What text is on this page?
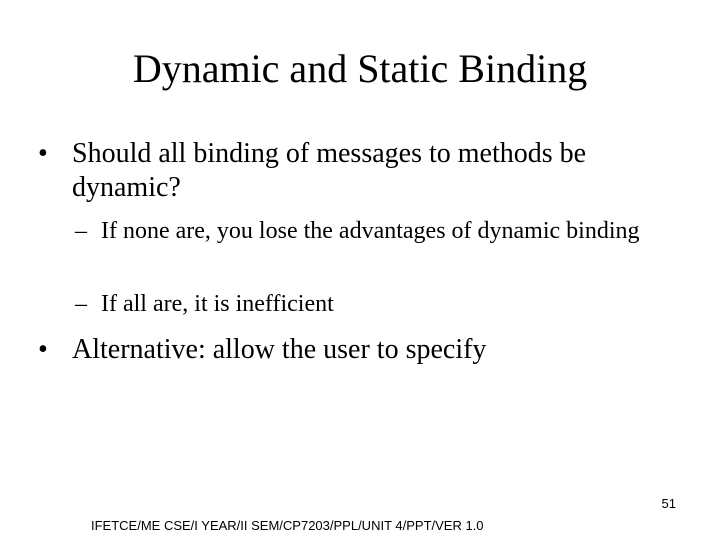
Dynamic and Static Binding
• Should all binding of messages to methods be dynamic?
– If none are, you lose the advantages of dynamic binding
– If all are, it is inefficient
• Alternative: allow the user to specify
51
IFETCE/ME CSE/I YEAR/II SEM/CP7203/PPL/UNIT 4/PPT/VER 1.0
